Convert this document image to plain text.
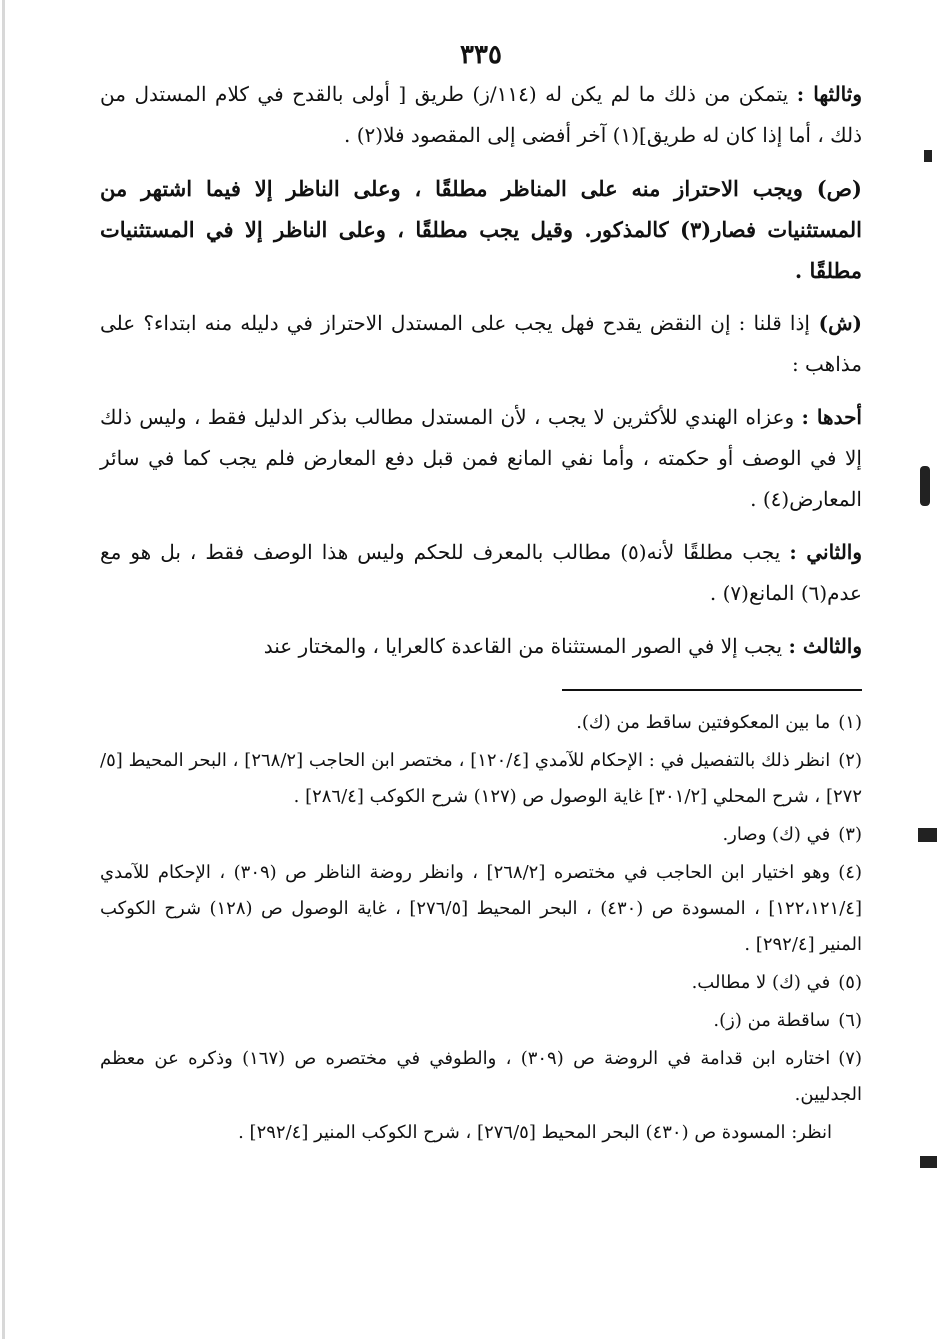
٣٣٥

وثالثها : يتمكن من ذلك ما لم يكن له (١١٤/ز) طريق [ أولى بالقدح في كلام المستدل من ذلك ، أما إذا كان له طريق](١) آخر أفضى إلى المقصود فلا(٢) .

(ص) ويجب الاحتراز منه على المناظر مطلقًا ، وعلى الناظر إلا فيما اشتهر من المستثنيات فصار(٣) كالمذكور. وقيل يجب مطلقًا ، وعلى الناظر إلا في المستثنيات مطلقًا .

(ش) إذا قلنا : إن النقض يقدح فهل يجب على المستدل الاحتراز في دليله منه ابتداء؟ على مذاهب :

أحدها : وعزاه الهندي للأكثرين لا يجب ، لأن المستدل مطالب بذكر الدليل فقط ، وليس ذلك إلا في الوصف أو حكمته ، وأما نفي المانع فمن قبل دفع المعارض فلم يجب كما في سائر المعارض(٤) .

والثاني : يجب مطلقًا لأنه(٥) مطالب بالمعرف للحكم وليس هذا الوصف فقط ، بل هو مع عدم(٦) المانع(٧) .

والثالث : يجب إلا في الصور المستثناة من القاعدة كالعرايا ، والمختار عند

(١)ما بين المعكوفتين ساقط من (ك).
(٢)انظر ذلك بالتفصيل في : الإحكام للآمدي [١٢٠/٤] ، مختصر ابن الحاجب [٢٦٨/٢] ، البحر المحيط [٥/ ٢٧٢] ، شرح المحلي [٣٠١/٢] غاية الوصول ص (١٢٧) شرح الكوكب [٢٨٦/٤] .
(٣)في (ك) وصار.
(٤)وهو اختيار ابن الحاجب في مختصره [٢٦٨/٢] ، وانظر روضة الناظر ص (٣٠٩) ، الإحكام للآمدي [١٢٢،١٢١/٤] ، المسودة ص (٤٣٠) ، البحر المحيط [٢٧٦/٥] ، غاية الوصول ص (١٢٨) شرح الكوكب المنير [٢٩٢/٤] .
(٥)في (ك) لا مطالب.
(٦)ساقطة من (ز).
(٧)اختاره ابن قدامة في الروضة ص (٣٠٩) ، والطوفي في مختصره ص (١٦٧) وذكره عن معظم الجدليين.
انظر: المسودة ص (٤٣٠) البحر المحيط [٢٧٦/٥] ، شرح الكوكب المنير [٢٩٢/٤] .
